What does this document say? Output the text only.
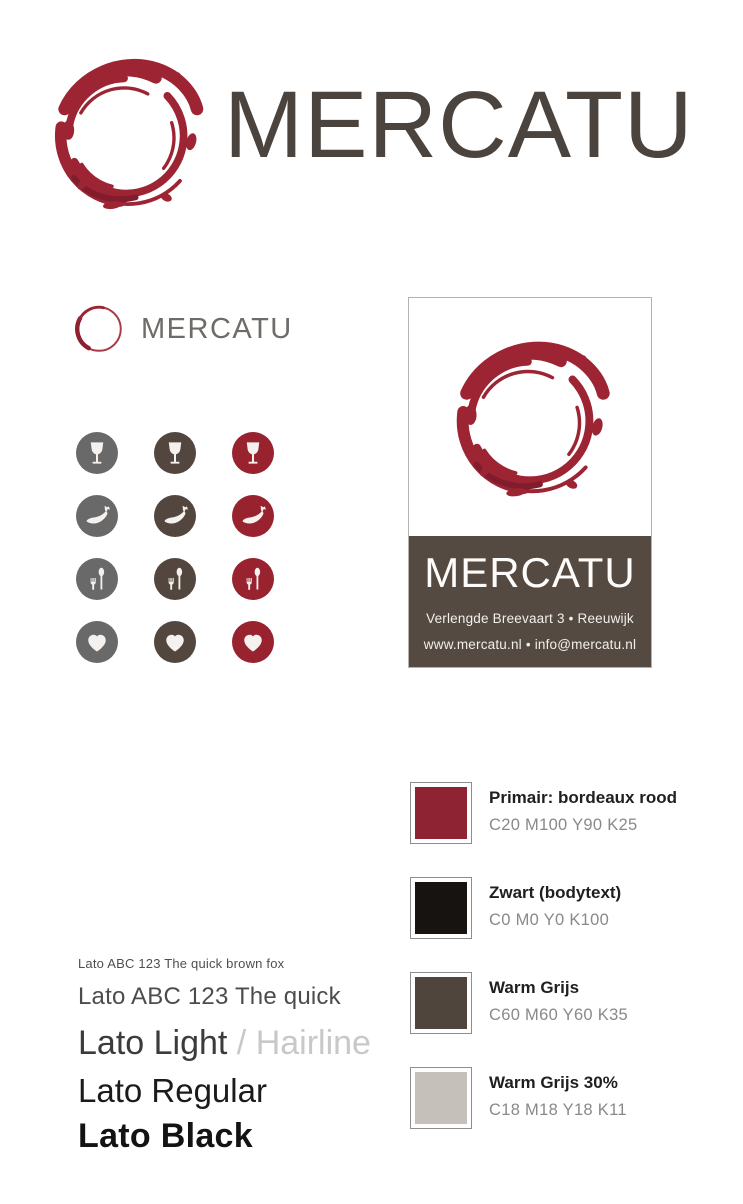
MERCATU
MERCATU
MERCATU
Verlengde Breevaart 3 • Reeuwijk
www.mercatu.nl • info@mercatu.nl
Primair: bordeaux rood
C20 M100 Y90 K25
Zwart (bodytext)
C0 M0 Y0 K100
Warm Grijs
C60 M60 Y60 K35
Warm Grijs 30%
C18 M18 Y18 K11
Lato ABC 123 The quick brown fox
Lato ABC 123 The quick
Lato Light / Hairline
Lato Regular
Lato Black
